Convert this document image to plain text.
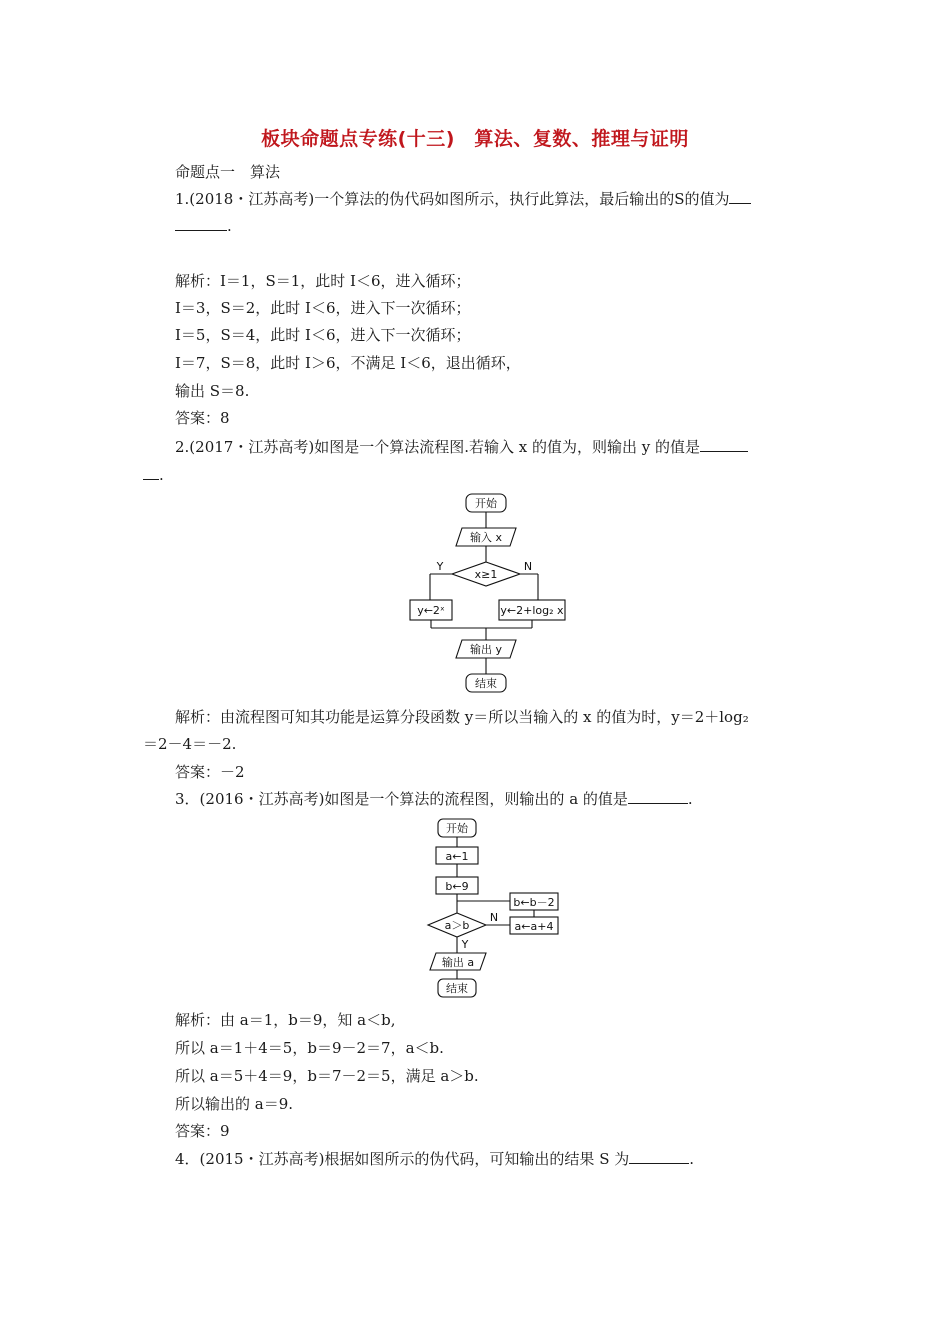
板块命题点专练(十三)　算法、复数、推理与证明
命题点一　算法
1.(2018・江苏高考)一个算法的伪代码如图所示，执行此算法，最后输出的S的值为
.
解析：I＝1，S＝1，此时 I＜6，进入循环；
I＝3，S＝2，此时 I＜6，进入下一次循环；
I＝5，S＝4，此时 I＜6，进入下一次循环；
I＝7，S＝8，此时 I＞6，不满足 I＜6，退出循环，
输出 S＝8.
答案：8
2.(2017・江苏高考)如图是一个算法流程图.若输入 x 的值为，则输出 y 的值是
.
开始
输入 x
x≥1
Y	N
y←2ˣ	y←2+log₂ x
输出 y
结束
解析：由流程图可知其功能是运算分段函数 y＝所以当输入的 x 的值为时，y＝2＋log₂
＝2－4＝－2.
答案：－2
3．(2016・江苏高考)如图是一个算法的流程图，则输出的 a 的值是	.
开始
a←1
b←9
a＞b
N
a←a+4
b←b－2
Y
输出 a
结束
解析：由 a＝1，b＝9，知 a＜b,
所以 a＝1＋4＝5，b＝9－2＝7，a＜b.
所以 a＝5＋4＝9，b＝7－2＝5，满足 a＞b.
所以输出的 a＝9.
答案：9
4．(2015・江苏高考)根据如图所示的伪代码，可知输出的结果 S 为	.
